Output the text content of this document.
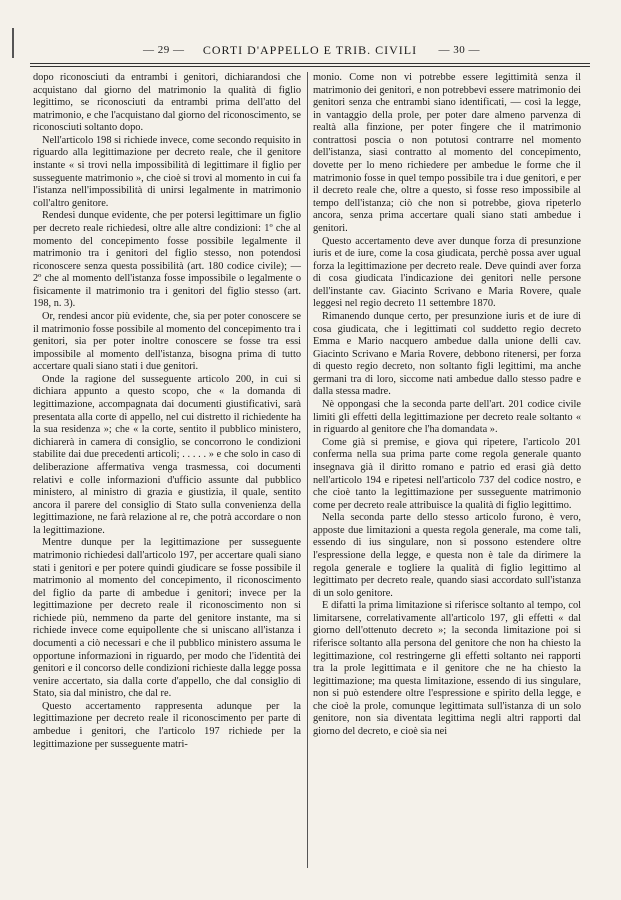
— 29 —	CORTI D'APPELLO E TRIB. CIVILI	— 30 —

dopo riconosciuti da entrambi i genitori, dichiarandosi che acquistano dal giorno del matrimonio la qualità di figlio legittimo, se riconosciuti da entrambi prima dell'atto del matrimonio, e che l'acquistano dal giorno del riconoscimento, se riconosciuti soltanto dopo.

Nell'articolo 198 si richiede invece, come secondo requisito in riguardo alla legittimazione per decreto reale, che il genitore instante « si trovi nella impossibilità di legittimare il figlio per susseguente matrimonio », che cioè si trovi al momento in cui fa l'istanza nell'impossibilità di unirsi legalmente in matrimonio coll'altro genitore.

Rendesi dunque evidente, che per potersi legittimare un figlio per decreto reale richiedesi, oltre alle altre condizioni: 1º che al momento del concepimento fosse possibile legalmente il matrimonio tra i genitori del figlio stesso, non potendosi riconoscere senza questa possibilità (art. 180 codice civile); — 2º che al momento dell'istanza fosse impossibile o legalmente o fisicamente il matrimonio tra i genitori del figlio stesso (art. 198, n. 3).

Or, rendesi ancor più evidente, che, sia per poter conoscere se il matrimonio fosse possibile al momento del concepimento tra i genitori, sia per poter inoltre conoscere se fosse tra essi impossibile al momento dell'istanza, bisogna prima di tutto accertare quali siano stati i due genitori.

Onde la ragione del susseguente articolo 200, in cui si dichiara appunto a questo scopo, che « la domanda di legittimazione, accompagnata dai documenti giustificativi, sarà presentata alla corte di appello, nel cui distretto il richiedente ha la sua residenza »; che « la corte, sentito il pubblico ministero, dichiarerà in camera di consiglio, se concorrono le condizioni stabilite dai due precedenti articoli; . . . . . » e che solo in caso di deliberazione affermativa venga trasmessa, coi documenti relativi e colle informazioni d'ufficio assunte dal pubblico ministero, al ministro di grazia e giustizia, il quale, sentito ancora il parere del consiglio di Stato sulla convenienza della legittimazione, ne farà relazione al re, che potrà accordare o non la legittimazione.

Mentre dunque per la legittimazione per susseguente matrimonio richiedesi dall'articolo 197, per accertare quali siano stati i genitori e per potere quindi giudicare se fosse possibile il matrimonio al momento del concepimento, il riconoscimento del figlio da parte di ambedue i genitori; invece per la legittimazione per decreto reale il riconoscimento non si richiede più, nemmeno da parte del genitore instante, ma si richiede invece come equipollente che si uniscano all'istanza i documenti a ciò necessari e che il pubblico ministero assuma le opportune informazioni in riguardo, per modo che l'identità dei genitori e il concorso delle condizioni richieste dalla legge possa venire accertato, sia dalla corte d'appello, che dal consiglio di Stato, sia dal ministro, che dal re.

Questo accertamento rappresenta adunque per la legittimazione per decreto reale il riconoscimento per parte di ambedue i genitori, che l'articolo 197 richiede per la legittimazione per susseguente matri-

monio. Come non vi potrebbe essere legittimità senza il matrimonio dei genitori, e non potrebbevi essere matrimonio dei genitori senza che entrambi siano identificati, — così la legge, in vantaggio della prole, per poter dare almeno parvenza di realtà alla finzione, per poter fingere che il matrimonio contrattosi poscia o non potutosi contrarre nel momento dell'istanza, siasi contratto al momento del concepimento, dovette per lo meno richiedere per ambedue le forme che il matrimonio fosse in quel tempo possibile tra i due genitori, e per il decreto reale che, oltre a questo, si fosse reso impossibile al tempo dell'istanza; ciò che non si potrebbe, giova ripeterlo ancora, senza prima accertare quali siano stati ambedue i genitori.

Questo accertamento deve aver dunque forza di presunzione iuris et de iure, come la cosa giudicata, perchè possa aver ugual forza la legittimazione per decreto reale. Deve quindi aver forza di cosa giudicata l'indicazione dei genitori nelle persone dell'instante cav. Giacinto Scrivano e Maria Rovere, quale leggesi nel regio decreto 11 settembre 1870.

Rimanendo dunque certo, per presunzione iuris et de iure di cosa giudicata, che i legittimati col suddetto regio decreto Emma e Mario nacquero ambedue dalla unione delli cav. Giacinto Scrivano e Maria Rovere, debbono ritenersi, per forza di questo regio decreto, non soltanto figli legittimi, ma anche germani tra di loro, siccome nati ambedue dallo stesso padre e dalla stessa madre.

Nè oppongasi che la seconda parte dell'art. 201 codice civile limiti gli effetti della legittimazione per decreto reale soltanto « in riguardo al genitore che l'ha domandata ».

Come già si premise, e giova qui ripetere, l'articolo 201 conferma nella sua prima parte come regola generale quanto insegnava già il diritto romano e patrio ed erasi già detto nell'articolo 194 e ripetesi nell'articolo 737 del codice nostro, e che cioè tanto la legittimazione per susseguente matrimonio come per decreto reale attribuisce la qualità di figlio legittimo.

Nella seconda parte dello stesso articolo furono, è vero, apposte due limitazioni a questa regola generale, ma come tali, essendo di ius singulare, non si possono estendere oltre l'espressione della legge, e questa non è tale da dirimere la regola generale e togliere la qualità di figlio legittimo al legittimato per decreto reale, quando siasi accordato sull'istanza di un solo genitore.

E difatti la prima limitazione si riferisce soltanto al tempo, col limitarsene, correlativamente all'articolo 197, gli effetti « dal giorno dell'ottenuto decreto »; la seconda limitazione poi si riferisce soltanto alla persona del genitore che non ha chiesto la legittimazione, col restringerne gli effetti soltanto nei rapporti tra la prole legittimata e il genitore che ne ha chiesto la legittimazione; ma questa limitazione, essendo di ius singulare, non si può estendere oltre l'espressione e spirito della legge, e che cioè la prole, comunque legittimata sull'istanza di un solo genitore, non sia diventata legittima negli altri rapporti dal giorno del decreto, e cioè sia nei
